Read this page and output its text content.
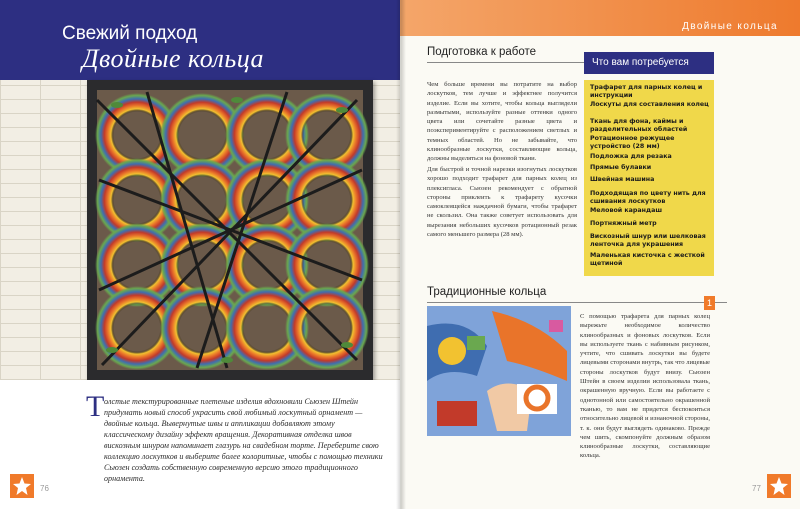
Свежий подход
Двойные кольца
Т олстые текстурированные плетеные изделия вдохновили Сьюзен Штейн придумать новый способ украсить свой любимый лоскутный орнамент — двойные кольца. Вывернутые швы и аппликации добавляют этому классическому дизайну эффект вращения. Декоративная отделка швов вискозным шнуром напоминает глазурь на свадебном торте. Переберите свою коллекцию лоскутков и выберите более колоритные, чтобы с помощью техники Сьюзен создать собственную современную версию этого традиционного орнамента.
76
Двойные кольца
Подготовка к работе
Чем больше времени вы потратите на выбор лоскутков, тем лучше и эффектнее получится изделие. Если вы хотите, чтобы кольца выглядели размытыми, используйте разные оттенки одного цвета или сочетайте разные цвета и поэкспериментируйте с расположением светлых и темных областей. Но не забывайте, что клинообразные лоскутки, составляющие кольца, должны выделяться на фоновой ткани.
Для быстрой и точной нарезки изогнутых лоскутков хорошо подходит трафарет для парных колец из плексигласа. Сьюзен рекомендует с обратной стороны приклеить к трафарету кусочки самоклеящейся наждачной бумаги, чтобы трафарет не скользил. Она также советует использовать для вырезания небольших кусочков ротационный резак самого меньшего размера (28 мм).
Что вам потребуется
Трафарет для парных колец и инструкции
Лоскуты для составления колец
Ткань для фона, каймы и разделительных областей
Ротационное режущее устройство (28 мм)
Подложка для резака
Прямые булавки
Швейная машина
Подходящая по цвету нить для сшивания лоскутков
Меловой карандаш
Портняжный метр
Вискозный шнур или шелковая ленточка для украшения
Маленькая кисточка с жесткой щетиной
Традиционные кольца
1
С помощью трафарета для парных колец вырежьте необходимое количество клинообразных и фоновых лоскутков. Если вы используете ткань с набивным рисунком, учтите, что сшивать лоскутки вы будете лицевыми сторонами внутрь, так что лицевые стороны лоскутков будут внизу. Сьюзен Штейн в своем изделии использовала ткань, окрашенную вручную. Если вы работаете с однотонной или самостоятельно окрашенной тканью, то вам не придется беспокоиться относительно лицевой и изнаночной стороны, т. к. они будут выглядеть одинаково. Прежде чем шить, скомпонуйте должным образом клинообразные лоскутки, составляющие кольца.
77
